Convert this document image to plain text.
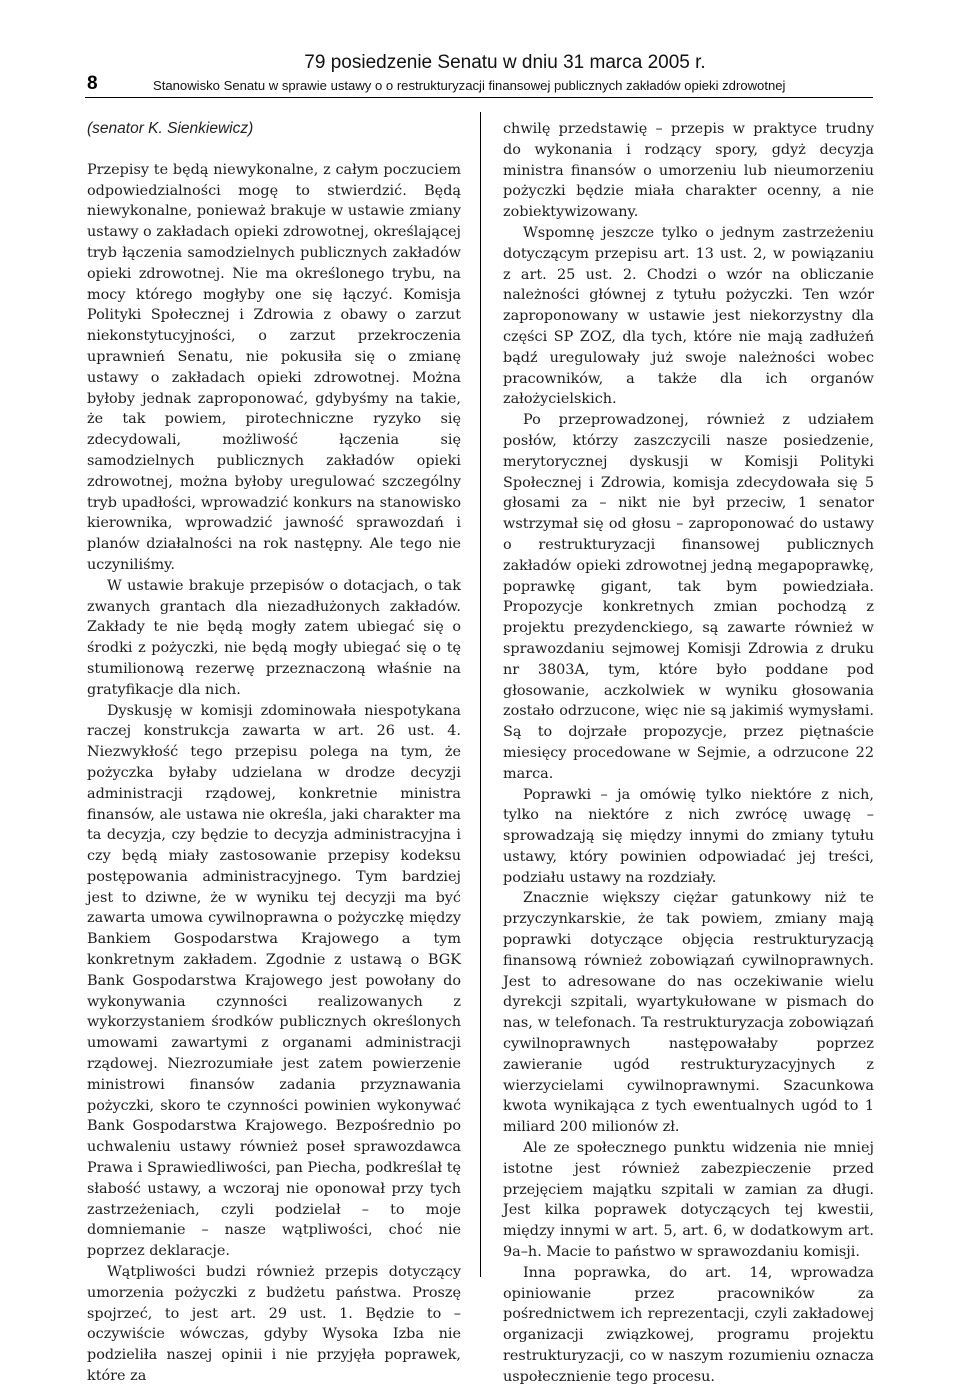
79 posiedzenie Senatu w dniu 31 marca 2005 r.
8	Stanowisko Senatu w sprawie ustawy o o restrukturyzacji finansowej publicznych zakładów opieki zdrowotnej
(senator K. Sienkiewicz)

Przepisy te będą niewykonalne, z całym poczuciem odpowiedzialności mogę to stwierdzić. Będą niewykonalne, ponieważ brakuje w ustawie zmiany ustawy o zakładach opieki zdrowotnej, określającej tryb łączenia samodzielnych publicznych zakładów opieki zdrowotnej. Nie ma określonego trybu, na mocy którego mogłyby one się łączyć. Komisja Polityki Społecznej i Zdrowia z obawy o zarzut niekonstytucyjności, o zarzut przekroczenia uprawnień Senatu, nie pokusiła się o zmianę ustawy o zakładach opieki zdrowotnej. Można byłoby jednak zaproponować, gdybyśmy na takie, że tak powiem, pirotechniczne ryzyko się zdecydowali, możliwość łączenia się samodzielnych publicznych zakładów opieki zdrowotnej, można byłoby uregulować szczególny tryb upadłości, wprowadzić konkurs na stanowisko kierownika, wprowadzić jawność sprawozdań i planów działalności na rok następny. Ale tego nie uczyniliśmy.

W ustawie brakuje przepisów o dotacjach, o tak zwanych grantach dla niezadłużonych zakładów. Zakłady te nie będą mogły zatem ubiegać się o środki z pożyczki, nie będą mogły ubiegać się o tę stumilionową rezerwę przeznaczoną właśnie na gratyfikacje dla nich.

Dyskusję w komisji zdominowała niespotykana raczej konstrukcja zawarta w art. 26 ust. 4. Niezwykłość tego przepisu polega na tym, że pożyczka byłaby udzielana w drodze decyzji administracji rządowej, konkretnie ministra finansów, ale ustawa nie określa, jaki charakter ma ta decyzja, czy będzie to decyzja administracyjna i czy będą miały zastosowanie przepisy kodeksu postępowania administracyjnego. Tym bardziej jest to dziwne, że w wyniku tej decyzji ma być zawarta umowa cywilnoprawna o pożyczkę między Bankiem Gospodarstwa Krajowego a tym konkretnym zakładem. Zgodnie z ustawą o BGK Bank Gospodarstwa Krajowego jest powołany do wykonywania czynności realizowanych z wykorzystaniem środków publicznych określonych umowami zawartymi z organami administracji rządowej. Niezrozumiałe jest zatem powierzenie ministrowi finansów zadania przyznawania pożyczki, skoro te czynności powinien wykonywać Bank Gospodarstwa Krajowego. Bezpośrednio po uchwaleniu ustawy również poseł sprawozdawca Prawa i Sprawiedliwości, pan Piecha, podkreślał tę słabość ustawy, a wczoraj nie oponował przy tych zastrzeżeniach, czyli podzielał – to moje domniemanie – nasze wątpliwości, choć nie poprzez deklaracje.

Wątpliwości budzi również przepis dotyczący umorzenia pożyczki z budżetu państwa. Proszę spojrzeć, to jest art. 29 ust. 1. Będzie to – oczywiście wówczas, gdyby Wysoka Izba nie podzieliła naszej opinii i nie przyjęła poprawek, które za

chwilę przedstawię – przepis w praktyce trudny do wykonania i rodzący spory, gdyż decyzja ministra finansów o umorzeniu lub nieumorzeniu pożyczki będzie miała charakter ocenny, a nie zobiektywizowany.

Wspomnę jeszcze tylko o jednym zastrzeżeniu dotyczącym przepisu art. 13 ust. 2, w powiązaniu z art. 25 ust. 2. Chodzi o wzór na obliczanie należności głównej z tytułu pożyczki. Ten wzór zaproponowany w ustawie jest niekorzystny dla części SP ZOZ, dla tych, które nie mają zadłużeń bądź uregulowały już swoje należności wobec pracowników, a także dla ich organów założycielskich.

Po przeprowadzonej, również z udziałem posłów, którzy zaszczycili nasze posiedzenie, merytorycznej dyskusji w Komisji Polityki Społecznej i Zdrowia, komisja zdecydowała się 5 głosami za – nikt nie był przeciw, 1 senator wstrzymał się od głosu – zaproponować do ustawy o restrukturyzacji finansowej publicznych zakładów opieki zdrowotnej jedną megapoprawkę, poprawkę gigant, tak bym powiedziała. Propozycje konkretnych zmian pochodzą z projektu prezydenckiego, są zawarte również w sprawozdaniu sejmowej Komisji Zdrowia z druku nr 3803A, tym, które było poddane pod głosowanie, aczkolwiek w wyniku głosowania zostało odrzucone, więc nie są jakimiś wymysłami. Są to dojrzałe propozycje, przez piętnaście miesięcy procedowane w Sejmie, a odrzucone 22 marca.

Poprawki – ja omówię tylko niektóre z nich, tylko na niektóre z nich zwrócę uwagę – sprowadzają się między innymi do zmiany tytułu ustawy, który powinien odpowiadać jej treści, podziału ustawy na rozdziały.

Znacznie większy ciężar gatunkowy niż te przyczynkarskie, że tak powiem, zmiany mają poprawki dotyczące objęcia restrukturyzacją finansową również zobowiązań cywilnoprawnych. Jest to adresowane do nas oczekiwanie wielu dyrekcji szpitali, wyartykułowane w pismach do nas, w telefonach. Ta restrukturyzacja zobowiązań cywilnoprawnych następowałaby poprzez zawieranie ugód restrukturyzacyjnych z wierzycielami cywilnoprawnymi. Szacunkowa kwota wynikająca z tych ewentualnych ugód to 1 miliard 200 milionów zł.

Ale ze społecznego punktu widzenia nie mniej istotne jest również zabezpieczenie przed przejęciem majątku szpitali w zamian za długi. Jest kilka poprawek dotyczących tej kwestii, między innymi w art. 5, art. 6, w dodatkowym art. 9a–h. Macie to państwo w sprawozdaniu komisji.

Inna poprawka, do art. 14, wprowadza opiniowanie przez pracowników za pośrednictwem ich reprezentacji, czyli zakładowej organizacji związkowej, programu projektu restrukturyzacji, co w naszym rozumieniu oznacza uspołecznienie tego procesu.
